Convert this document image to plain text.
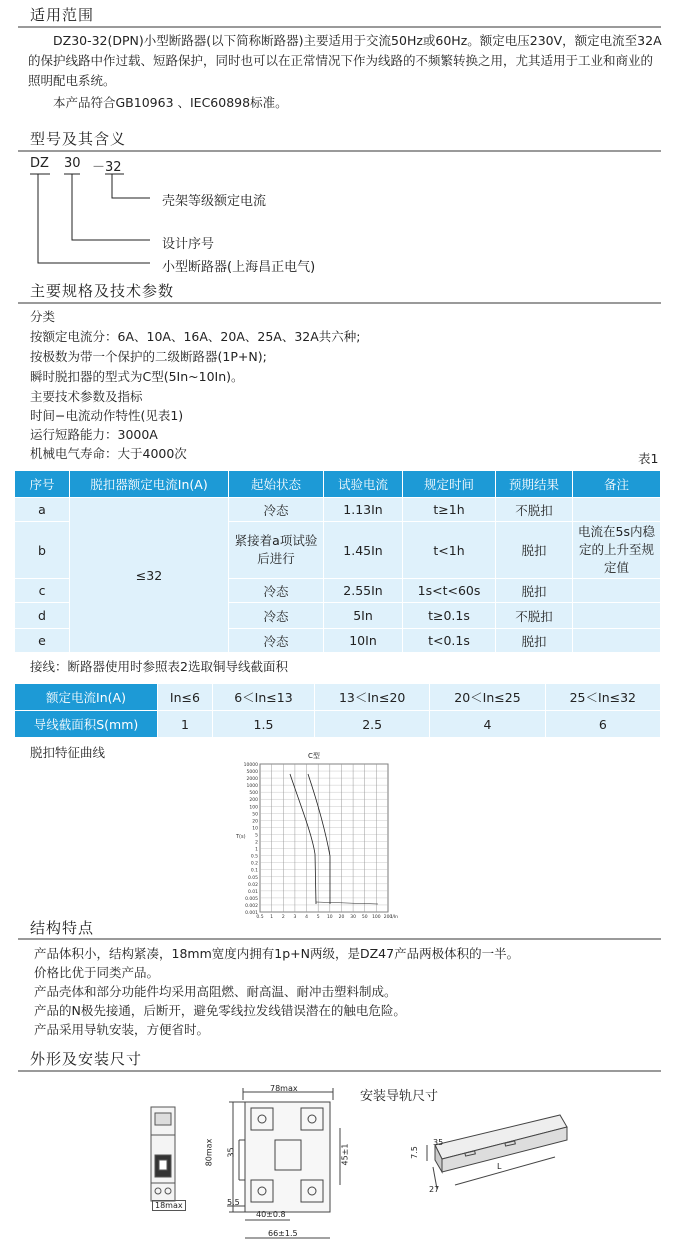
适用范围
DZ30-32(DPN)小型断路器(以下简称断路器)主要适用于交流50Hz或60Hz。额定电压230V，额定电流至32A的保护线路中作过载、短路保护，同时也可以在正常情况下作为线路的不频繁转换之用，尤其适用于工业和商业的照明配电系统。
本产品符合GB10963 、IEC60898标准。
型号及其含义
DZ 30 －32
壳架等级额定电流
设计序号
小型断路器(上海昌正电气)
主要规格及技术参数
分类
按额定电流分：6A、10A、16A、20A、25A、32A共六种;
按极数为带一个保护的二级断路器(1P+N);
瞬时脱扣器的型式为C型(5In~10In)。
主要技术参数及指标
时间−电流动作特性(见表1)
运行短路能力：3000A
机械电气寿命：大于4000次	表1
序号	脱扣器额定电流In(A)	起始状态	试验电流	规定时间	预期结果	备注
a	≤32	冷态	1.13In	t≥1h	不脱扣	
b		紧接着a项试验后进行	1.45In	t<1h	脱扣	电流在5s内稳定的上升至规定值
c		冷态	2.55In	1s<t<60s	脱扣	
d		冷态	5In	t≥0.1s	不脱扣	
e		冷态	10In	t<0.1s	脱扣	
接线：断路器使用时参照表2选取铜导线截面积
额定电流In(A)	In≤6	6＜In≤13	13＜In≤20	20＜In≤25	25＜In≤32
导线截面积S(mm)	1	1.5	2.5	4	6
脱扣特征曲线	C型
10000
5000
2000
1000
500
200
100
50
20
10
5
2
1
0.5
0.2
0.1
0.05
0.02
0.01
0.005
0.002
0.001
0.5 1 2 3 4 5 10 20 30 50 100 200
T(s)
I/In
结构特点
产品体积小，结构紧凑，18mm宽度内拥有1p+N两级，是DZ47产品两极体积的一半。
价格比优于同类产品。
产品壳体和部分功能件均采用高阻燃、耐高温、耐冲击塑料制成。
产品的N极先接通，后断开，避免零线拉发线错误潜在的触电危险。
产品采用导轨安装，方便省时。
外形及安装尺寸
安装导轨尺寸
18max
78max
80max 35	45±1
5.5
40±0.8
66±1.5
7.5
35
27
L
